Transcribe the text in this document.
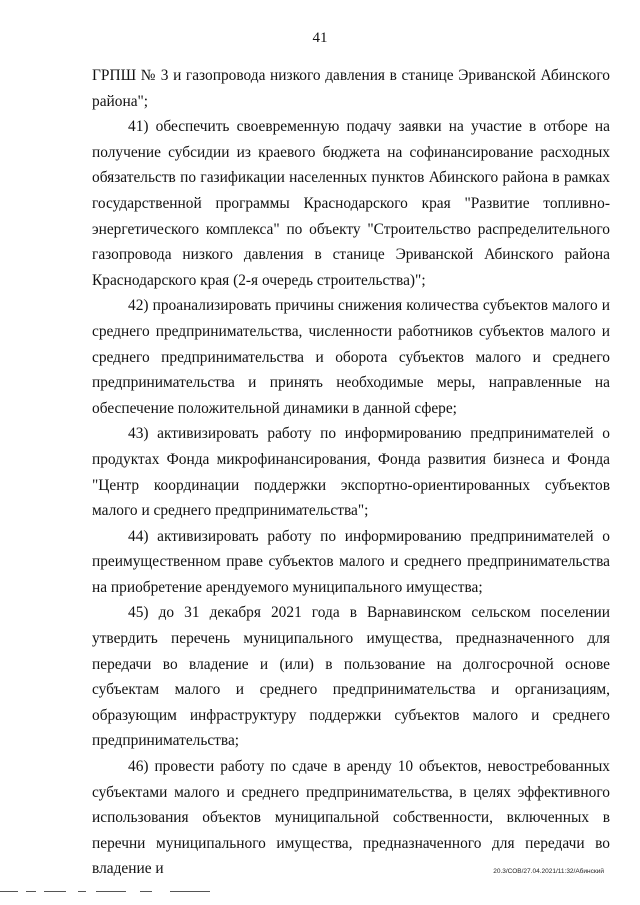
41

ГРПШ № 3 и газопровода низкого давления в станице Эриванской Абинского района";

41) обеспечить своевременную подачу заявки на участие в отборе на получение субсидии из краевого бюджета на софинансирование расходных обязательств по газификации населенных пунктов Абинского района в рамках государственной программы Краснодарского края "Развитие топливно-энергетического комплекса" по объекту "Строительство распределительного газопровода низкого давления в станице Эриванской Абинского района Краснодарского края (2-я очередь строительства)";

42) проанализировать причины снижения количества субъектов малого и среднего предпринимательства, численности работников субъектов малого и среднего предпринимательства и оборота субъектов малого и среднего предпринимательства и принять необходимые меры, направленные на обеспечение положительной динамики в данной сфере;

43) активизировать работу по информированию предпринимателей о продуктах Фонда микрофинансирования, Фонда развития бизнеса и Фонда "Центр координации поддержки экспортно-ориентированных субъектов малого и среднего предпринимательства";

44) активизировать работу по информированию предпринимателей о преимущественном праве субъектов малого и среднего предпринимательства на приобретение арендуемого муниципального имущества;

45) до 31 декабря 2021 года в Варнавинском сельском поселении утвердить перечень муниципального имущества, предназначенного для передачи во владение и (или) в пользование на долгосрочной основе субъектам малого и среднего предпринимательства и организациям, образующим инфраструктуру поддержки субъектов малого и среднего предпринимательства;

46) провести работу по сдаче в аренду 10 объектов, невостребованных субъектами малого и среднего предпринимательства, в целях эффективного использования объектов муниципальной собственности, включенных в перечни муниципального имущества, предназначенного для передачи во владение и	20.3/СОВ/27.04.2021/11:32/Абинский
